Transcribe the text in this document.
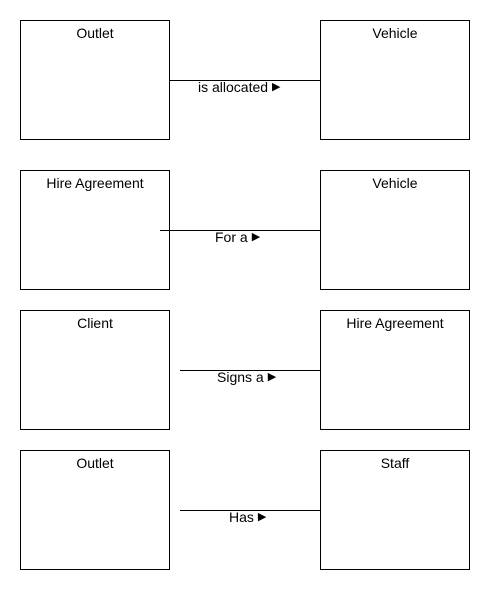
Outlet	Vehicle
is allocated ▶
Hire Agreement	Vehicle
For a ▶
Client	Hire Agreement
Signs a ▶
Outlet	Staff
Has ▶
